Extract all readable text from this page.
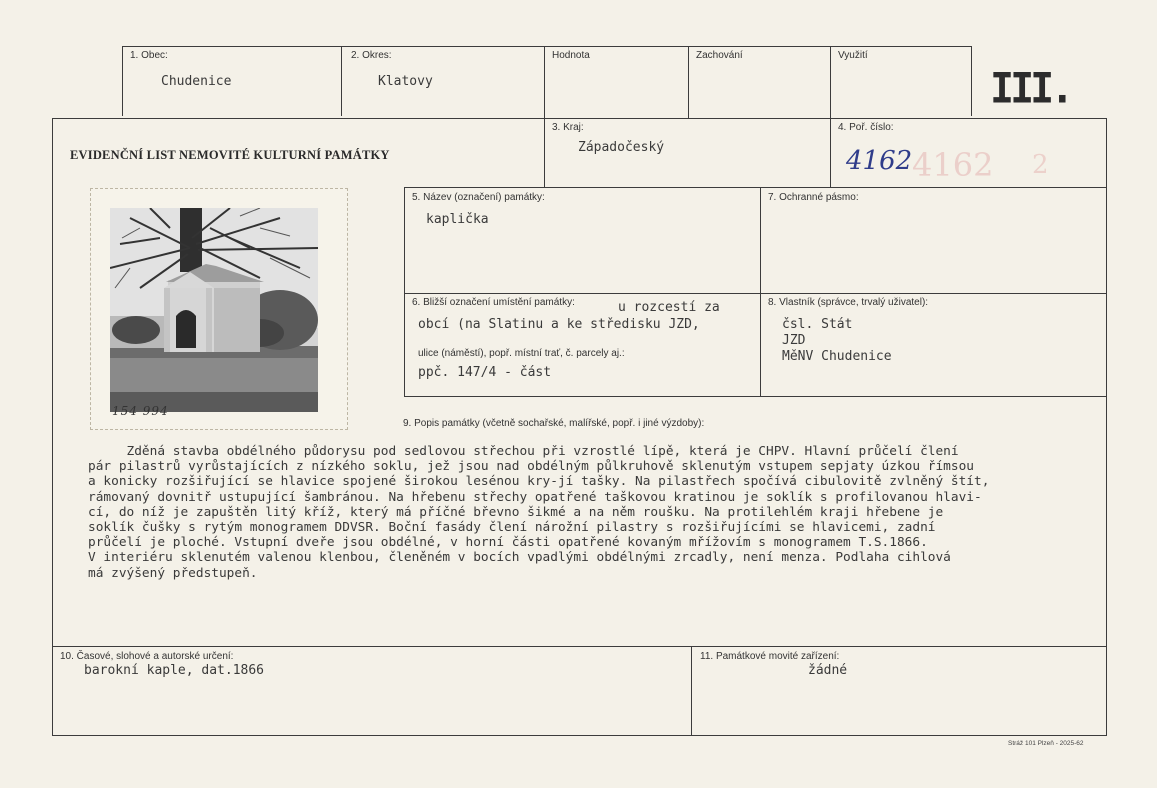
1. Obec:
Chudenice
2. Okres:
Klatovy
Hodnota	Zachování	Využití
III.
EVIDENČNÍ LIST NEMOVITÉ KULTURNÍ PAMÁTKY
3. Kraj:
Západočeský
4. Poř. číslo:
4162 2
4162
154 994
5. Název (označení) památky:
kaplička
7. Ochranné pásmo:
6. Bližší označení umístění památky:	u rozcestí za
obcí (na Slatinu a ke středisku JZD,
ulice (náměstí), popř. místní trať, č. parcely aj.:
ppč. 147/4 - část
8. Vlastník (správce, trvalý uživatel):
čsl. Stát
JZD
MěNV Chudenice
9. Popis památky (včetně sochařské, malířské, popř. i jiné výzdoby):
Zděná stavba obdélného půdorysu pod sedlovou střechou při vzrostlé lípě, která je CHPV. Hlavní průčelí člení
pár pilastrů vyrůstajících z nízkého soklu, jež jsou nad obdélným půlkruhově sklenutým vstupem sepjaty úzkou římsou
a konicky rozšiřující se hlavice spojené širokou lesénou kry-jí tašky. Na pilastřech spočívá cibulovitě zvlněný štít,
rámovaný dovnitř ustupující šambránou. Na hřebenu střechy opatřené taškovou kratinou je soklík s profilovanou hlavi-
cí, do níž je zapuštěn litý kříž, který má příčné břevno šikmé a na něm roušku. Na protilehlém kraji hřebene je
soklík čušky s rytým monogramem DDVSR. Boční fasády člení nárožní pilastry s rozšiřujícími se hlavicemi, zadní
průčelí je ploché. Vstupní dveře jsou obdélné, v horní části opatřené kovaným mřížovím s monogramem T.S.1866.
V interiéru sklenutém valenou klenbou, členěném v bocích vpadlými obdélnými zrcadly, není menza. Podlaha cihlová
má zvýšený předstupeň.
10. Časové, slohové a autorské určení:
barokní kaple, dat.1866
11. Památkové movité zařízení:
žádné
Stráž 101 Plzeň - 2025-62
